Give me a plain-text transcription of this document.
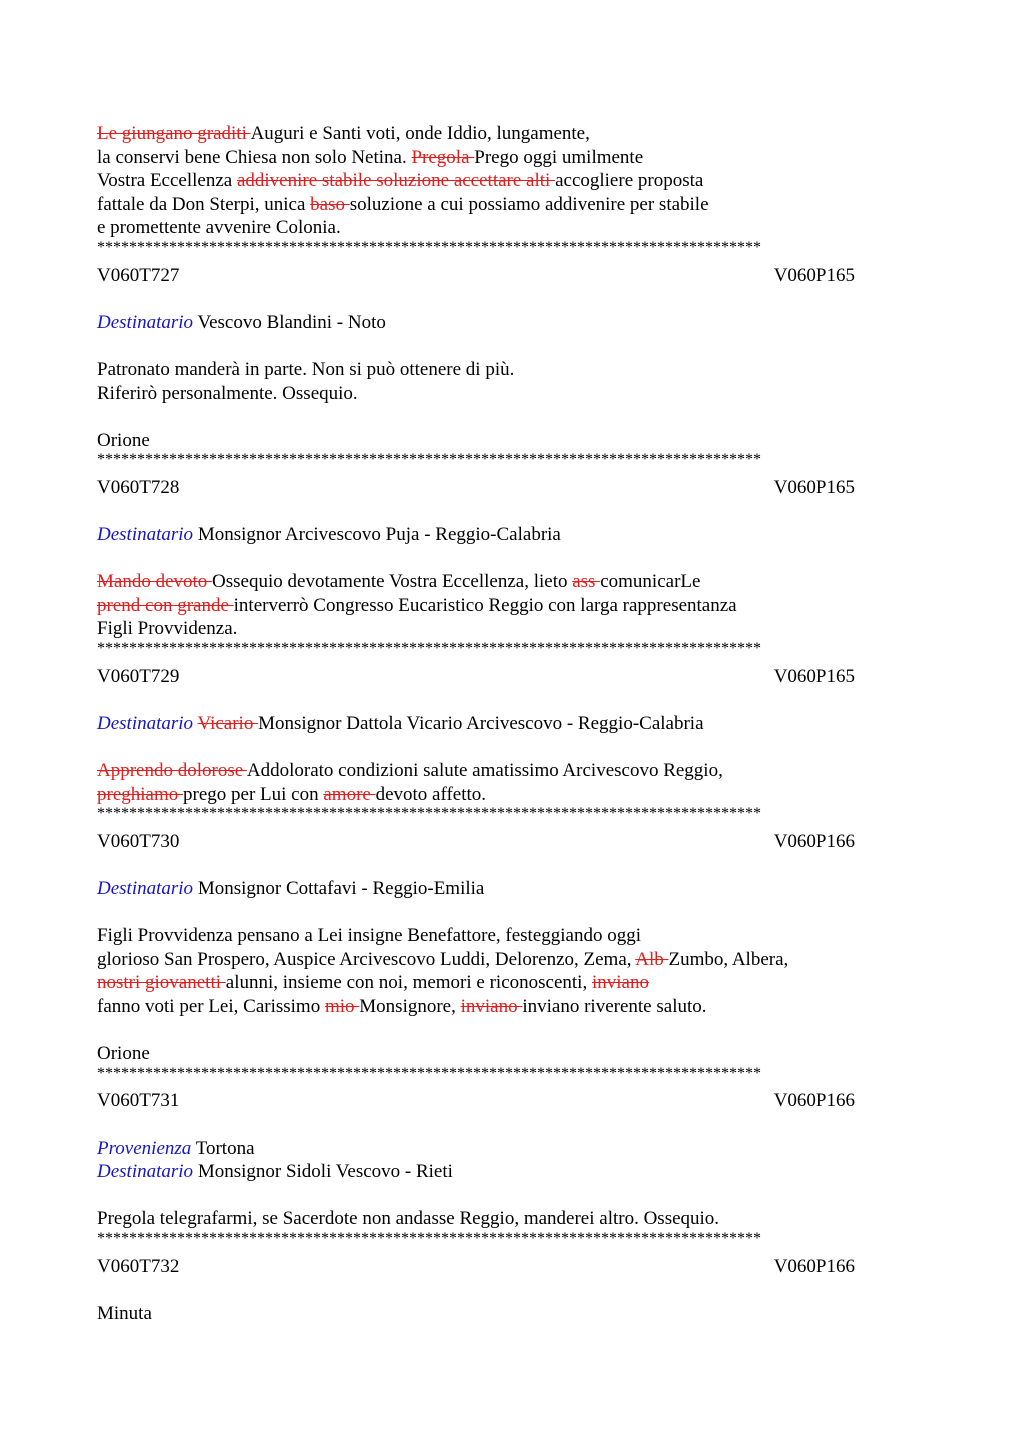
Le giungano graditi Auguri e Santi voti, onde Iddio, lungamente,
la conservi bene Chiesa non solo Netina. Pregola Prego oggi umilmente
Vostra Eccellenza addivenire stabile soluzione accettare alti accogliere proposta
fattale da Don Sterpi, unica baso soluzione a cui possiamo addivenire per stabile
e promettente avvenire Colonia.
***********************************************************************************
V060T727	V060P165
Destinatario Vescovo Blandini - Noto
Patronato manderà in parte. Non si può ottenere di più.
Riferirò personalmente. Ossequio.
Orione
***********************************************************************************
V060T728	V060P165
Destinatario Monsignor Arcivescovo Puja - Reggio-Calabria
Mando devoto Ossequio devotamente Vostra Eccellenza, lieto ass comunicarLe
prend con grande interverrò Congresso Eucaristico Reggio con larga rappresentanza
Figli Provvidenza.
***********************************************************************************
V060T729	V060P165
Destinatario Vicario Monsignor Dattola Vicario Arcivescovo - Reggio-Calabria
Apprendo dolorose Addolorato condizioni salute amatissimo Arcivescovo Reggio,
preghiamo prego per Lui con amore devoto affetto.
***********************************************************************************
V060T730	V060P166
Destinatario Monsignor Cottafavi - Reggio-Emilia
Figli Provvidenza pensano a Lei insigne Benefattore, festeggiando oggi
glorioso San Prospero, Auspice Arcivescovo Luddi, Delorenzo, Zema, Alb Zumbo, Albera,
nostri giovanetti alunni, insieme con noi, memori e riconoscenti, inviano
fanno voti per Lei, Carissimo mio Monsignore, inviano inviano riverente saluto.
Orione
***********************************************************************************
V060T731	V060P166
Provenienza Tortona
Destinatario Monsignor Sidoli Vescovo - Rieti
Pregola telegrafarmi, se Sacerdote non andasse Reggio, manderei altro. Ossequio.
***********************************************************************************
V060T732	V060P166
Minuta
